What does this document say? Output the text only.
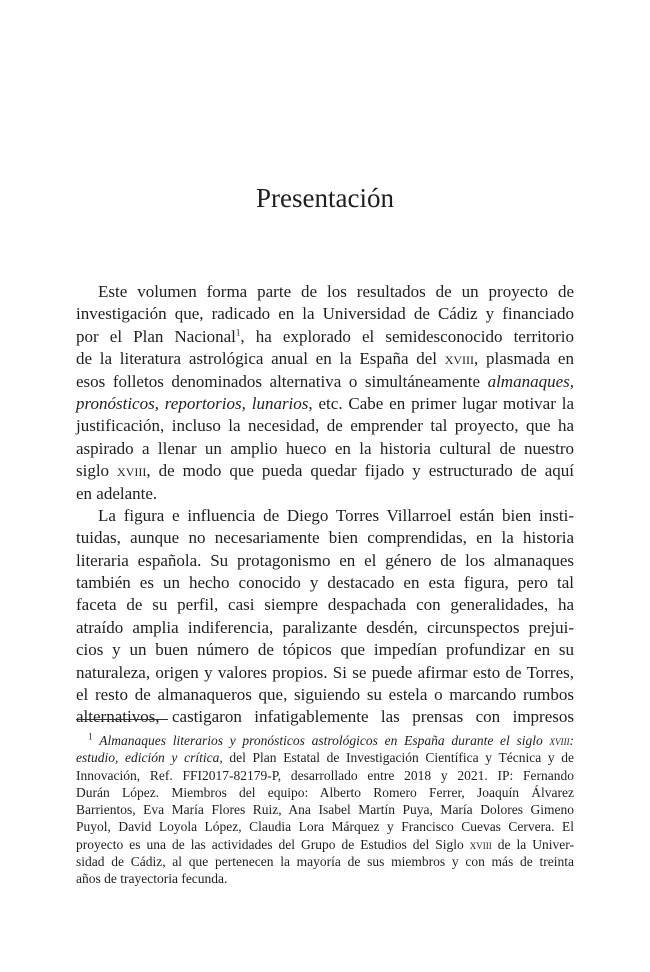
Presentación
Este volumen forma parte de los resultados de un proyecto de
investigación que, radicado en la Universidad de Cádiz y financiado
por el Plan Nacional$^1$, ha explorado el semidesconocido territorio
de la literatura astrológica anual en la España del xviii, plasmada en
esos folletos denominados alternativa o simultáneamente almanaques,
pronósticos, reportorios, lunarios, etc. Cabe en primer lugar motivar la
justificación, incluso la necesidad, de emprender tal proyecto, que ha
aspirado a llenar un amplio hueco en la historia cultural de nuestro
siglo xviii, de modo que pueda quedar fijado y estructurado de aquí
en adelante.
La figura e influencia de Diego Torres Villarroel están bien insti-
tuidas, aunque no necesariamente bien comprendidas, en la historia
literaria española. Su protagonismo en el género de los almanaques
también es un hecho conocido y destacado en esta figura, pero tal
faceta de su perfil, casi siempre despachada con generalidades, ha
atraído amplia indiferencia, paralizante desdén, circunspectos prejui-
cios y un buen número de tópicos que impedían profundizar en su
naturaleza, origen y valores propios. Si se puede afirmar esto de Torres,
el resto de almanaqueros que, siguiendo su estela o marcando rumbos
alternativos, castigaron infatigablemente las prensas con impresos
$^1$ Almanaques literarios y pronósticos astrológicos en España durante el siglo xviii:
estudio, edición y crítica, del Plan Estatal de Investigación Científica y Técnica y de
Innovación, Ref. FFI2017-82179-P, desarrollado entre 2018 y 2021. IP: Fernando
Durán López. Miembros del equipo: Alberto Romero Ferrer, Joaquín Álvarez
Barrientos, Eva María Flores Ruiz, Ana Isabel Martín Puya, María Dolores Gimeno
Puyol, David Loyola López, Claudia Lora Márquez y Francisco Cuevas Cervera. El
proyecto es una de las actividades del Grupo de Estudios del Siglo xviii de la Univer-
sidad de Cádiz, al que pertenecen la mayoría de sus miembros y con más de treinta
años de trayectoria fecunda.
